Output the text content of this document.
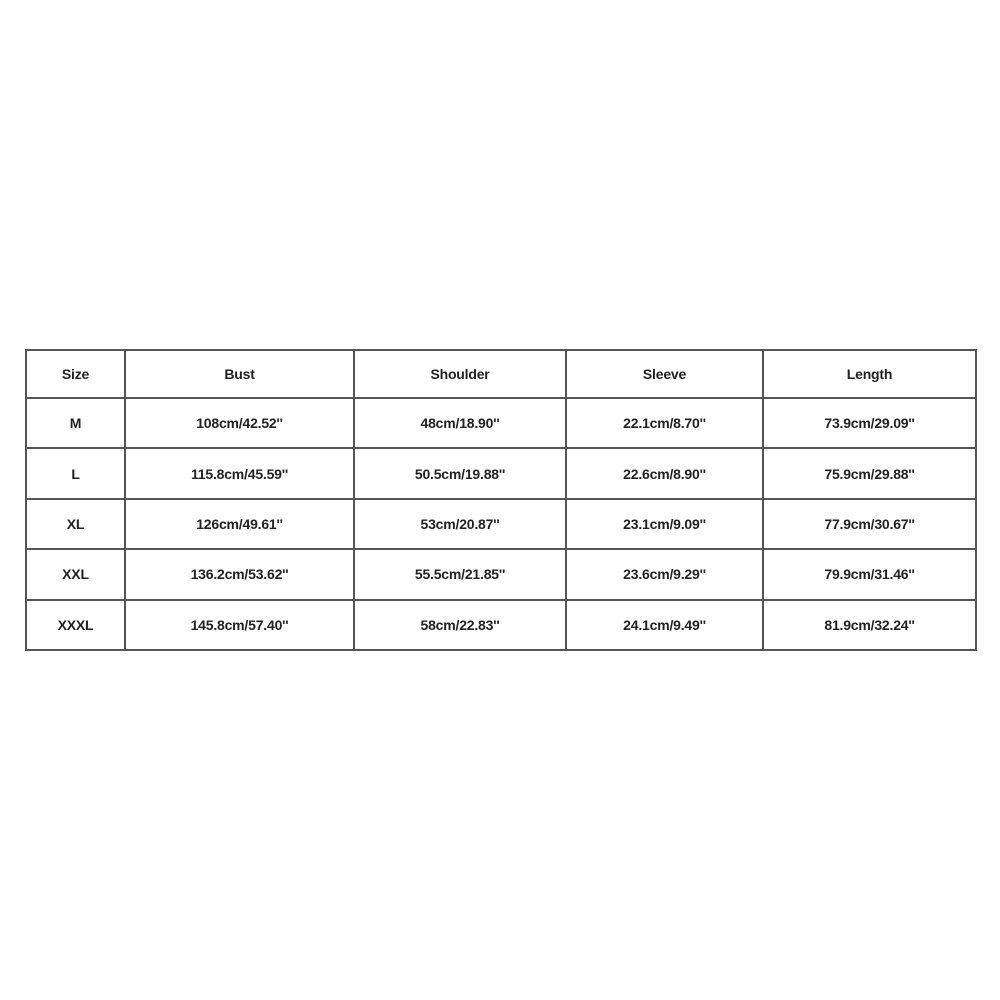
Size	Bust	Shoulder	Sleeve	Length
M	108cm/42.52''	48cm/18.90''	22.1cm/8.70''	73.9cm/29.09''
L	115.8cm/45.59''	50.5cm/19.88''	22.6cm/8.90''	75.9cm/29.88''
XL	126cm/49.61''	53cm/20.87''	23.1cm/9.09''	77.9cm/30.67''
XXL	136.2cm/53.62''	55.5cm/21.85''	23.6cm/9.29''	79.9cm/31.46''
XXXL	145.8cm/57.40''	58cm/22.83''	24.1cm/9.49''	81.9cm/32.24''
